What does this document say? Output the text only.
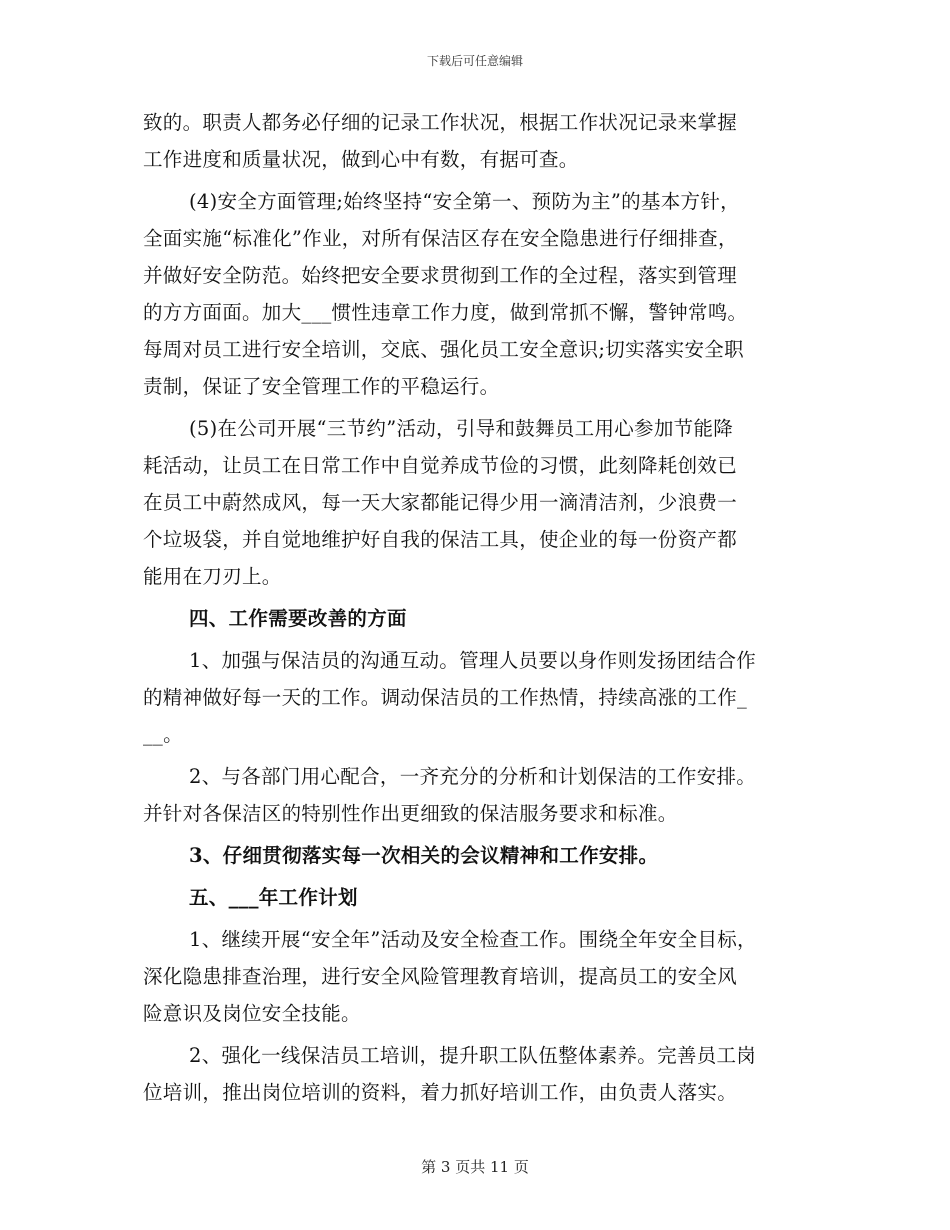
下载后可任意编辑
致的。职责人都务必仔细的记录工作状况，根据工作状况记录来掌握
工作进度和质量状况，做到心中有数，有据可查。
(4)安全方面管理;始终坚持“安全第一、预防为主”的基本方针，
全面实施“标准化”作业，对所有保洁区存在安全隐患进行仔细排查，
并做好安全防范。始终把安全要求贯彻到工作的全过程，落实到管理
的方方面面。加大___惯性违章工作力度，做到常抓不懈，警钟常鸣。
每周对员工进行安全培训，交底、强化员工安全意识;切实落实安全职
责制，保证了安全管理工作的平稳运行。
(5)在公司开展“三节约”活动，引导和鼓舞员工用心参加节能降
耗活动，让员工在日常工作中自觉养成节俭的习惯，此刻降耗创效已
在员工中蔚然成风，每一天大家都能记得少用一滴清洁剂，少浪费一
个垃圾袋，并自觉地维护好自我的保洁工具，使企业的每一份资产都
能用在刀刃上。
四、工作需要改善的方面
1、加强与保洁员的沟通互动。管理人员要以身作则发扬团结合作
的精神做好每一天的工作。调动保洁员的工作热情，持续高涨的工作_
__。
2、与各部门用心配合，一齐充分的分析和计划保洁的工作安排。
并针对各保洁区的特别性作出更细致的保洁服务要求和标准。
3、仔细贯彻落实每一次相关的会议精神和工作安排。
五、___年工作计划
1、继续开展“安全年”活动及安全检查工作。围绕全年安全目标，
深化隐患排查治理，进行安全风险管理教育培训，提高员工的安全风
险意识及岗位安全技能。
2、强化一线保洁员工培训，提升职工队伍整体素养。完善员工岗
位培训，推出岗位培训的资料，着力抓好培训工作，由负责人落实。
第 3 页共 11 页
